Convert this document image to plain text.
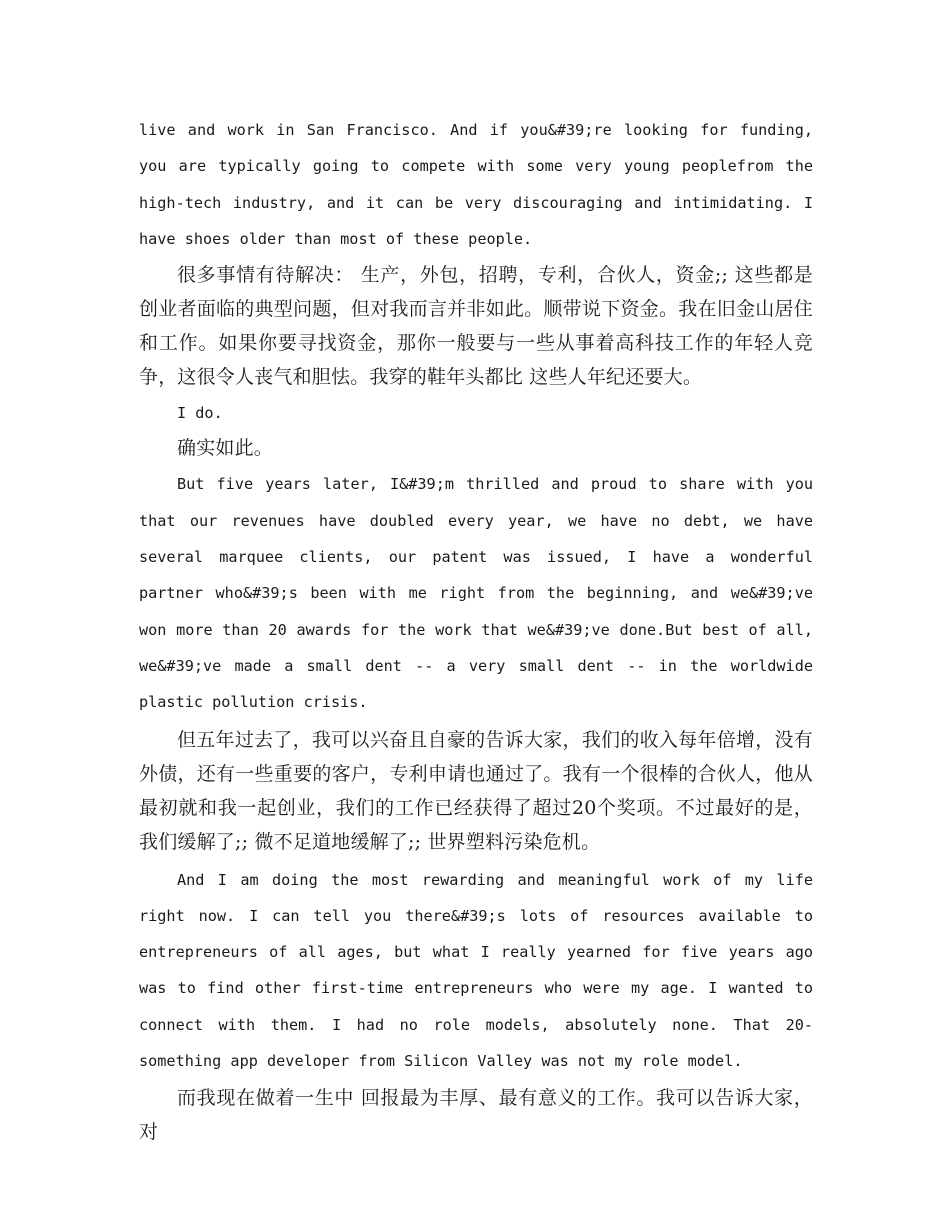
live and work in San Francisco. And if you&#39;re looking for funding, you are typically going to compete with some very young peoplefrom the high-tech industry, and it can be very discouraging and intimidating. I have shoes older than most of these people.

很多事情有待解决： 生产，外包，招聘，专利，合伙人，资金;; 这些都是创业者面临的典型问题，但对我而言并非如此。顺带说下资金。我在旧金山居住和工作。如果你要寻找资金，那你一般要与一些从事着高科技工作的年轻人竞争，这很令人丧气和胆怯。我穿的鞋年头都比 这些人年纪还要大。

I do.

确实如此。

But five years later, I&#39;m thrilled and proud to share with you that our revenues have doubled every year, we have no debt, we have several marquee clients, our patent was issued, I have a wonderful partner who&#39;s been with me right from the beginning, and we&#39;ve won more than 20 awards for the work that we&#39;ve done.But best of all, we&#39;ve made a small dent -- a very small dent -- in the worldwide plastic pollution crisis.

但五年过去了，我可以兴奋且自豪的告诉大家，我们的收入每年倍增，没有外债，还有一些重要的客户，专利申请也通过了。我有一个很棒的合伙人，他从最初就和我一起创业，我们的工作已经获得了超过20个奖项。不过最好的是，我们缓解了;; 微不足道地缓解了;; 世界塑料污染危机。

And I am doing the most rewarding and meaningful work of my life right now. I can tell you there&#39;s lots of resources available to entrepreneurs of all ages, but what I really yearned for five years ago was to find other first-time entrepreneurs who were my age. I wanted to connect with them. I had no role models, absolutely none. That 20-something app developer from Silicon Valley was not my role model.

而我现在做着一生中 回报最为丰厚、最有意义的工作。我可以告诉大家，对
